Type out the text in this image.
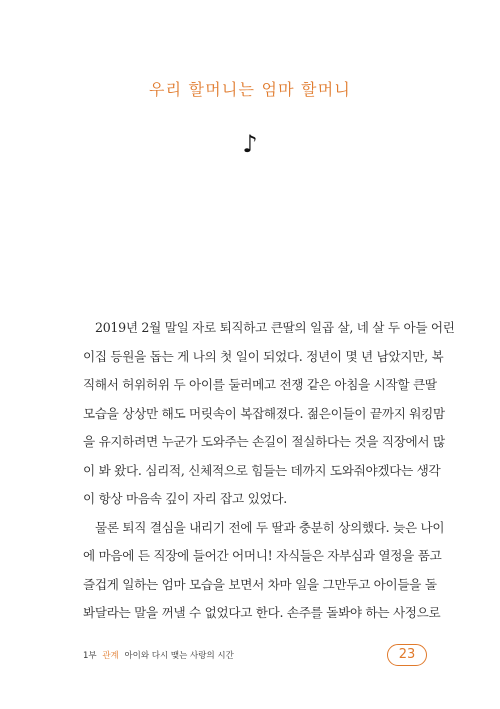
우리 할머니는 엄마 할머니
♪
2019년 2월 말일 자로 퇴직하고 큰딸의 일곱 살, 네 살 두 아들 어린
이집 등원을 돕는 게 나의 첫 일이 되었다. 정년이 몇 년 남았지만, 복
직해서 허위허위 두 아이를 둘러메고 전쟁 같은 아침을 시작할 큰딸
모습을 상상만 해도 머릿속이 복잡해졌다. 젊은이들이 끝까지 워킹맘
을 유지하려면 누군가 도와주는 손길이 절실하다는 것을 직장에서 많
이 봐 왔다. 심리적, 신체적으로 힘들는 데까지 도와줘야겠다는 생각
이 항상 마음속 깊이 자리 잡고 있었다.
물론 퇴직 결심을 내리기 전에 두 딸과 충분히 상의했다. 늦은 나이
에 마음에 든 직장에 들어간 어머니! 자식들은 자부심과 열정을 품고
즐겁게 일하는 엄마 모습을 보면서 차마 일을 그만두고 아이들을 돌
봐달라는 말을 꺼낼 수 없었다고 한다. 손주를 돌봐야 하는 사정으로
1부 관계 아이와 다시 맺는 사랑의 시간	23
